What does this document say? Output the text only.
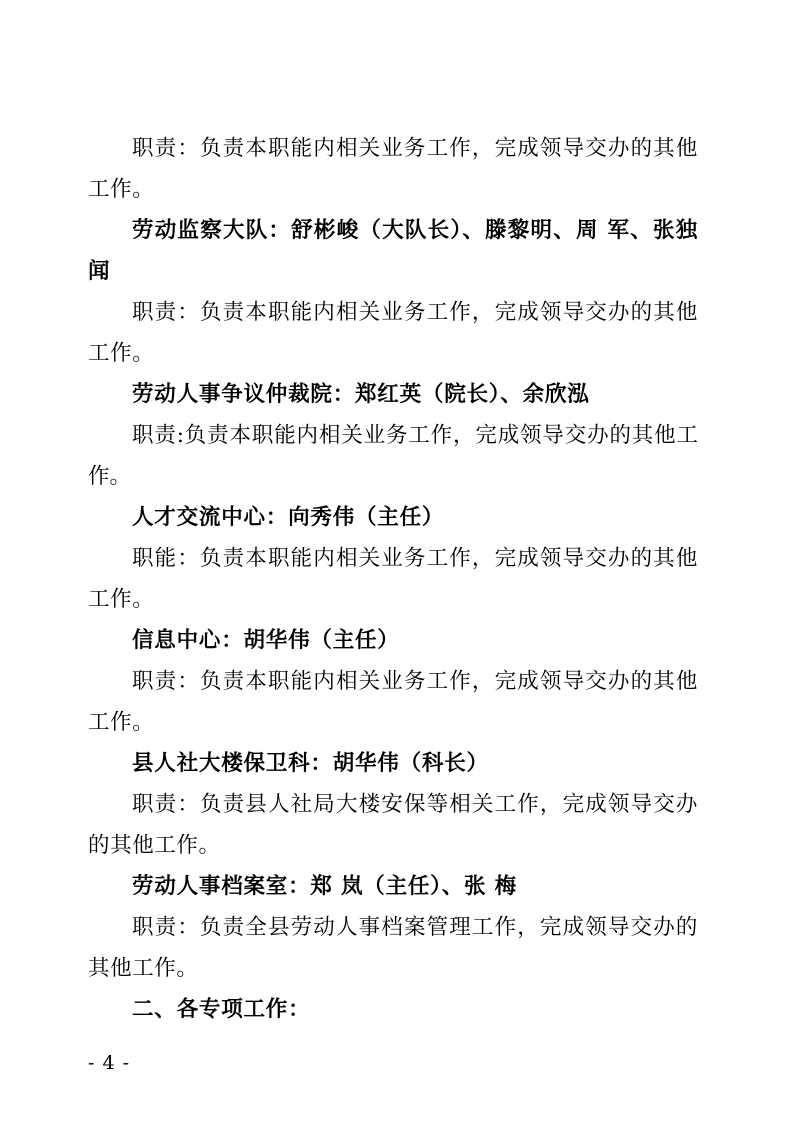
职责：负责本职能内相关业务工作，完成领导交办的其他工作。

劳动监察大队：舒彬峻（大队长）、滕黎明、周 军、张独闻

职责：负责本职能内相关业务工作，完成领导交办的其他工作。

劳动人事争议仲裁院：郑红英（院长）、余欣泓

职责:负责本职能内相关业务工作，完成领导交办的其他工作。

人才交流中心：向秀伟（主任）

职能：负责本职能内相关业务工作，完成领导交办的其他工作。

信息中心：胡华伟（主任）

职责：负责本职能内相关业务工作，完成领导交办的其他工作。

县人社大楼保卫科：胡华伟（科长）

职责：负责县人社局大楼安保等相关工作，完成领导交办的其他工作。

劳动人事档案室：郑 岚（主任）、张 梅

职责：负责全县劳动人事档案管理工作，完成领导交办的其他工作。

二、各专项工作：

- 4 -
